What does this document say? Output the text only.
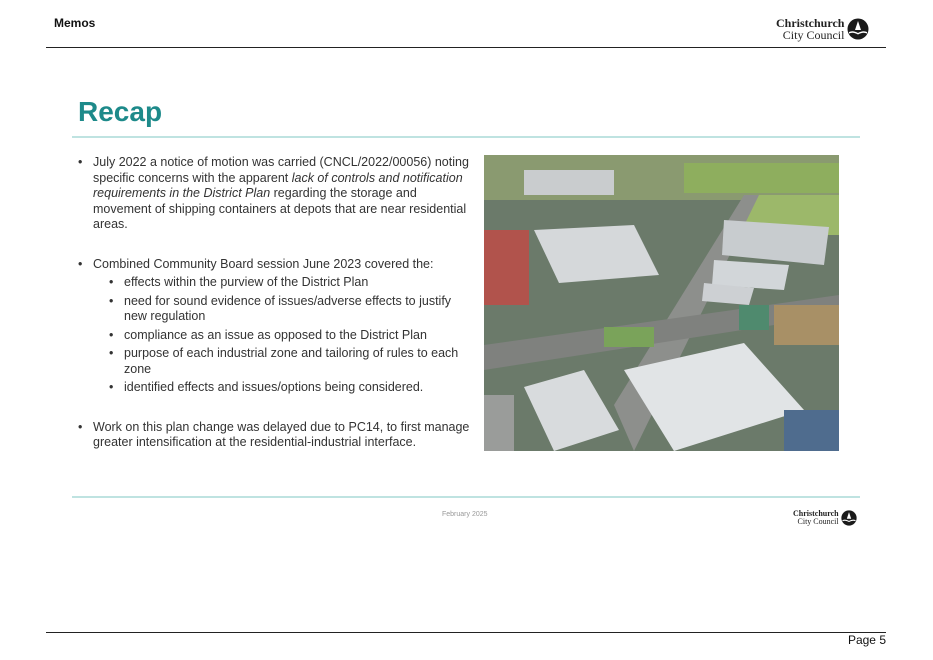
Memos	Christchurch
City Council
Recap
• July 2022 a notice of motion was carried (CNCL/2022/00056) noting specific concerns with the apparent lack of controls and notification requirements in the District Plan regarding the storage and movement of shipping containers at depots that are near residential areas.
• Combined Community Board session June 2023 covered the:
• effects within the purview of the District Plan
• need for sound evidence of issues/adverse effects to justify new regulation
• compliance as an issue as opposed to the District Plan
• purpose of each industrial zone and tailoring of rules to each zone
• identified effects and issues/options being considered.
• Work on this plan change was delayed due to PC14, to first manage greater intensification at the residential-industrial interface.
February 2025	Christchurch
City Council
Page 5
